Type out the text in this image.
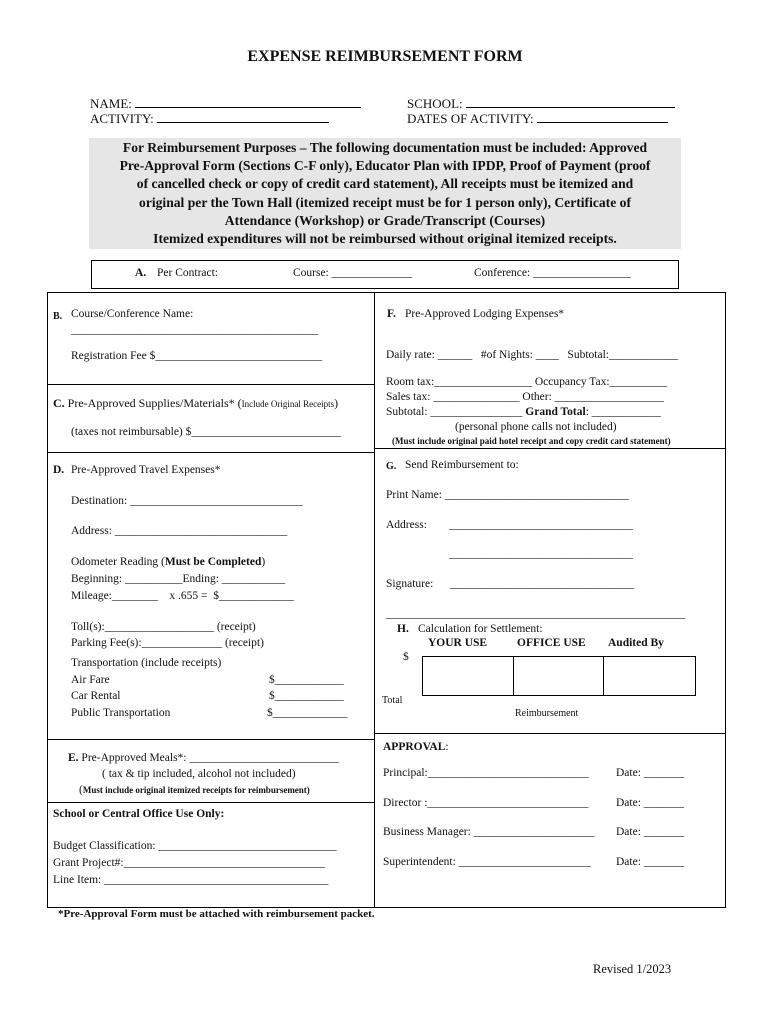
EXPENSE REIMBURSEMENT FORM
NAME:
ACTIVITY:
SCHOOL:
DATES OF ACTIVITY:
For Reimbursement Purposes – The following documentation must be included: Approved
Pre-Approval Form (Sections C-F only), Educator Plan with IPDP, Proof of Payment (proof
of cancelled check or copy of credit card statement), All receipts must be itemized and
original per the Town Hall (itemized receipt must be for 1 person only), Certificate of
Attendance (Workshop) or Grade/Transcript (Courses)
Itemized expenditures will not be reimbursed without original itemized receipts.
A. Per Contract:	Course: ______________	Conference: _________________
B. Course/Conference Name:
___________________________________________
Registration Fee $_____________________________
C. Pre-Approved Supplies/Materials* (Include Original Receipts)
(taxes not reimbursable) $__________________________
D. Pre-Approved Travel Expenses*
Destination: ______________________________
Address: ______________________________
Odometer Reading (Must be Completed)
Beginning: __________Ending: ___________
Mileage:________    x .655 =  $_____________
Toll(s):___________________ (receipt)
Parking Fee(s):______________ (receipt)
Transportation (include receipts)
Air Fare	$____________
Car Rental	$____________
Public Transportation	$_____________
E. Pre-Approved Meals*: __________________________
( tax & tip included, alcohol not included)
(Must include original itemized receipts for reimbursement)
School or Central Office Use Only:
Budget Classification: _______________________________
Grant Project#:___________________________________
Line Item: _______________________________________
F. Pre-Approved Lodging Expenses*
Daily rate: ______   #of Nights: ____   Subtotal:____________
Room tax:_________________ Occupancy Tax:__________
Sales tax: _______________ Other: ___________________
Subtotal: ________________ Grand Total: ____________
(personal phone calls not included)
(Must include original paid hotel receipt and copy credit card statement)
G. Send Reimbursement to:
Print Name: ________________________________
Address: ________________________________
________________________________
Signature: ________________________________
____________________________________________________
H. Calculation for Settlement:
YOUR USE	OFFICE USE Audited By
$
Total
Reimbursement
APPROVAL:
Principal:____________________________ Date: _______
Director :____________________________ Date: _______
Business Manager: _____________________ Date: _______
Superintendent: _______________________ Date: _______
*Pre-Approval Form must be attached with reimbursement packet.
Revised 1/2023
